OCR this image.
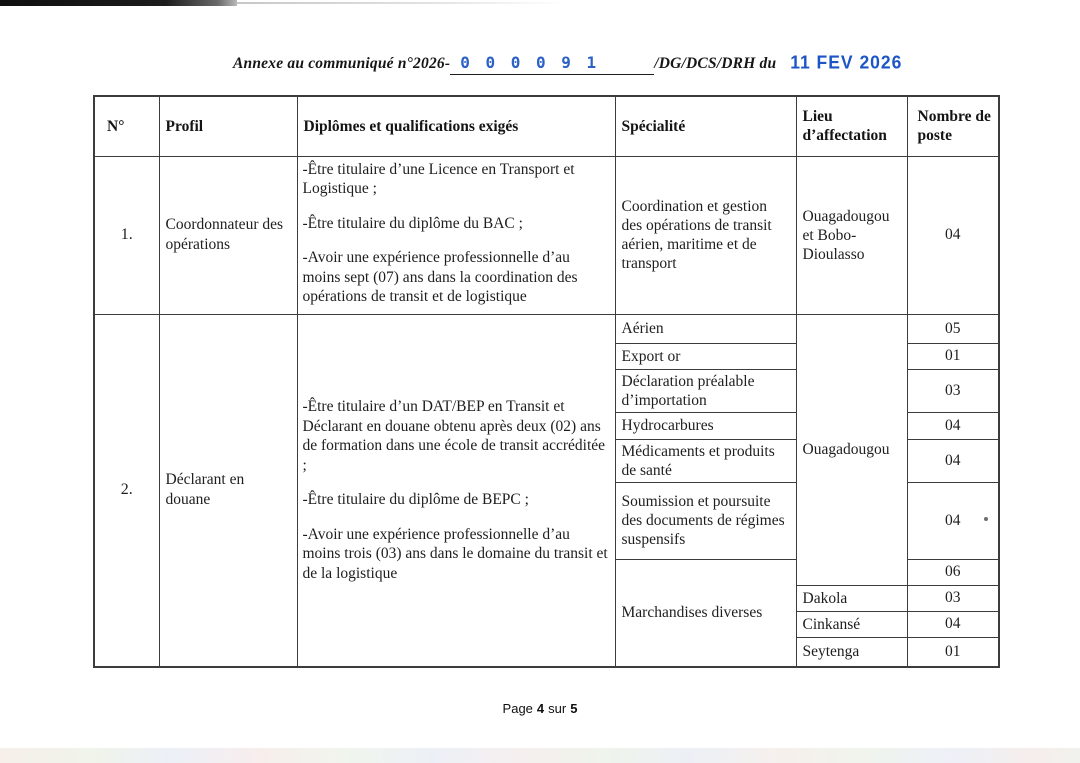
Annexe au communiqué n°2026- 0 0 0 0 9 1	/DG/DCS/DRH du 11 FEV 2026
N°	Profil	Diplômes et qualifications exigés	Spécialité	Lieu d’affectation	Nombre de poste
1.	Coordonnateur des opérations	-Être titulaire d’une Licence en Transport et Logistique ;

-Être titulaire du diplôme du BAC ;

-Avoir une expérience professionnelle d’au moins sept (07) ans dans la coordination des opérations de transit et de logistique	Coordination et gestion des opérations de transit aérien, maritime et de transport	Ouagadougou et Bobo-Dioulasso	04
2.	Déclarant en douane	-Être titulaire d’un DAT/BEP en Transit et Déclarant en douane obtenu après deux (02) ans de formation dans une école de transit accréditée ;

-Être titulaire du diplôme de BEPC ;

-Avoir une expérience professionnelle d’au moins trois (03) ans dans le domaine du transit et de la logistique	Aérien	Ouagadougou	05
			Export or		01
			Déclaration préalable d’importation		03
			Hydrocarbures		04
			Médicaments et produits de santé		04
			Soumission et poursuite des documents de régimes suspensifs		04
			Marchandises diverses		06
				Dakola	03
				Cinkansé	04
				Seytenga	01
Page 4 sur 5
